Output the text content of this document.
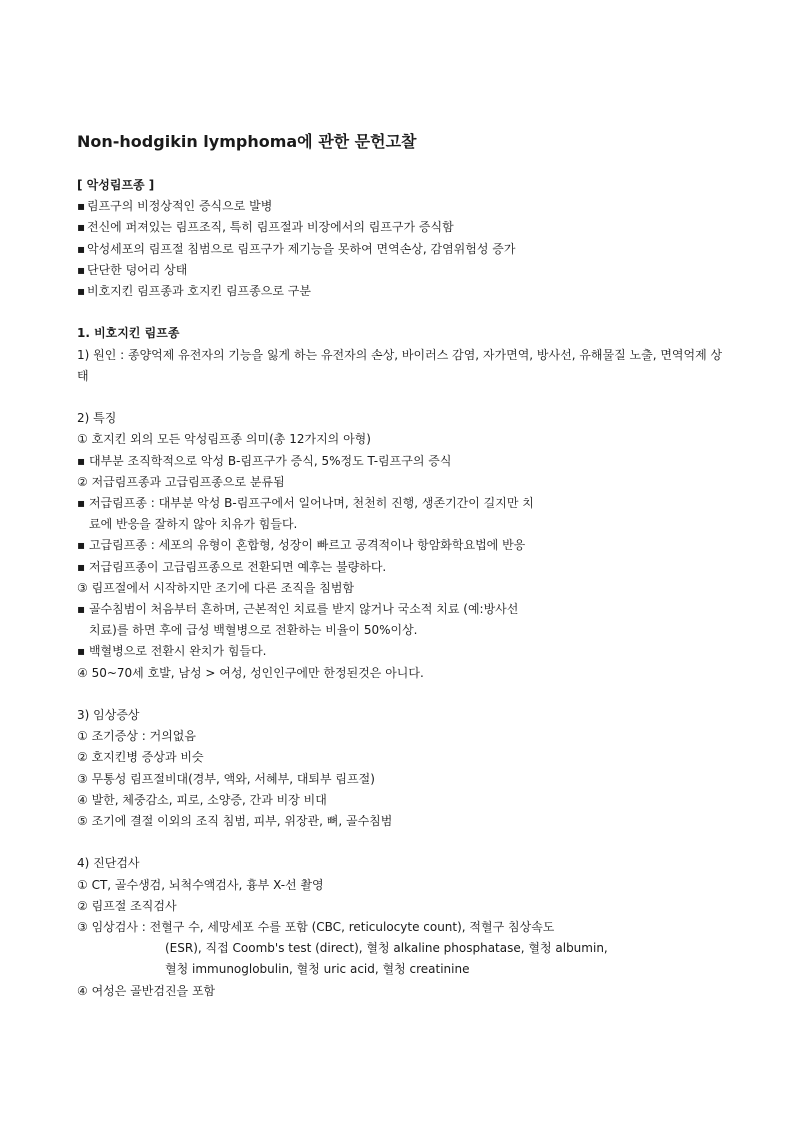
Non-hodgikin lymphoma에 관한 문헌고찰
[ 악성림프종 ]
▪ 림프구의 비정상적인 증식으로 발병
▪ 전신에 퍼져있는 림프조직, 특히 림프절과 비장에서의 림프구가 증식함
▪ 악성세포의 림프절 침범으로 림프구가 제기능을 못하여 면역손상, 감염위험성 증가
▪ 단단한 덩어리 상태
▪ 비호지킨 림프종과 호지킨 림프종으로 구분
1. 비호지킨 림프종
1) 원인 : 종양억제 유전자의 기능을 잃게 하는 유전자의 손상, 바이러스 감염, 자가면역, 방사선, 유해물질 노출, 면역억제 상태
2) 특징
① 호지킨 외의 모든 악성림프종 의미(총 12가지의 아형)
▪ 대부분 조직학적으로 악성 B-림프구가 증식, 5%정도 T-림프구의 증식
② 저급림프종과 고급림프종으로 분류됨
▪ 저급림프종 : 대부분 악성 B-림프구에서 일어나며, 천천히 진행, 생존기간이 길지만 치
료에 반응을 잘하지 않아 치유가 힘들다.
▪ 고급림프종 : 세포의 유형이 혼합형, 성장이 빠르고 공격적이나 항암화학요법에 반응
▪ 저급림프종이 고급림프종으로 전환되면 예후는 불량하다.
③ 림프절에서 시작하지만 조기에 다른 조직을 침범함
▪ 골수침범이 처음부터 흔하며, 근본적인 치료를 받지 않거나 국소적 치료 (예:방사선
치료)를 하면 후에 급성 백혈병으로 전환하는 비율이 50%이상.
▪ 백혈병으로 전환시 완치가 힘들다.
④ 50~70세 호발, 남성 > 여성, 성인인구에만 한정된것은 아니다.
3) 임상증상
① 조기증상 : 거의없음
② 호지킨병 증상과 비슷
③ 무통성 림프절비대(경부, 액와, 서혜부, 대퇴부 림프절)
④ 발한, 체중감소, 피로, 소양증, 간과 비장 비대
⑤ 조기에 결절 이외의 조직 침범, 피부, 위장관, 뼈, 골수침범
4) 진단검사
① CT, 골수생검, 뇌척수액검사, 흉부 X-선 촬영
② 림프절 조직검사
③ 임상검사 : 전혈구 수, 세망세포 수를 포함 (CBC, reticulocyte count), 적혈구 침상속도
(ESR), 직접 Coomb's test (direct), 혈청 alkaline phosphatase, 혈청 albumin,
혈청 immunoglobulin, 혈청 uric acid, 혈청 creatinine
④ 여성은 골반검진을 포함
